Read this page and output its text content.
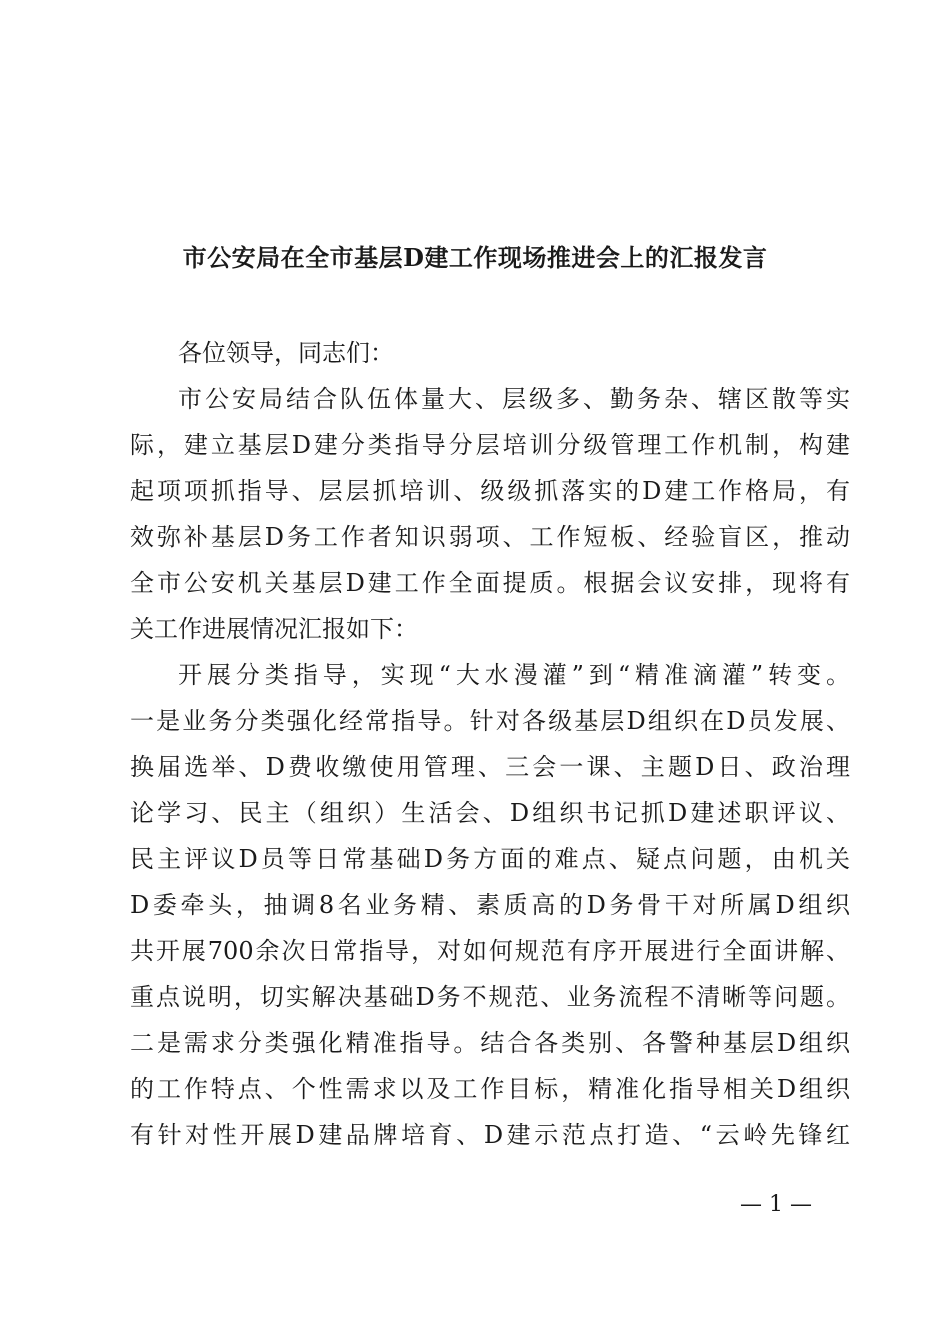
市公安局在全市基层D建工作现场推进会上的汇报发言
各位领导，同志们：
市公安局结合队伍体量大、层级多、勤务杂、辖区散等实
际，建立基层D建分类指导分层培训分级管理工作机制，构建
起项项抓指导、层层抓培训、级级抓落实的D建工作格局，有
效弥补基层D务工作者知识弱项、工作短板、经验盲区，推动
全市公安机关基层D建工作全面提质。根据会议安排，现将有
关工作进展情况汇报如下：
开展分类指导，实现“大水漫灌”到“精准滴灌”转变。
一是业务分类强化经常指导。针对各级基层D组织在D员发展、
换届选举、D费收缴使用管理、三会一课、主题D日、政治理
论学习、民主（组织）生活会、D组织书记抓D建述职评议、
民主评议D员等日常基础D务方面的难点、疑点问题，由机关
D委牵头，抽调8名业务精、素质高的D务骨干对所属D组织
共开展700余次日常指导，对如何规范有序开展进行全面讲解、
重点说明，切实解决基础D务不规范、业务流程不清晰等问题。
二是需求分类强化精准指导。结合各类别、各警种基层D组织
的工作特点、个性需求以及工作目标，精准化指导相关D组织
有针对性开展D建品牌培育、D建示范点打造、“云岭先锋红
— 1 —
